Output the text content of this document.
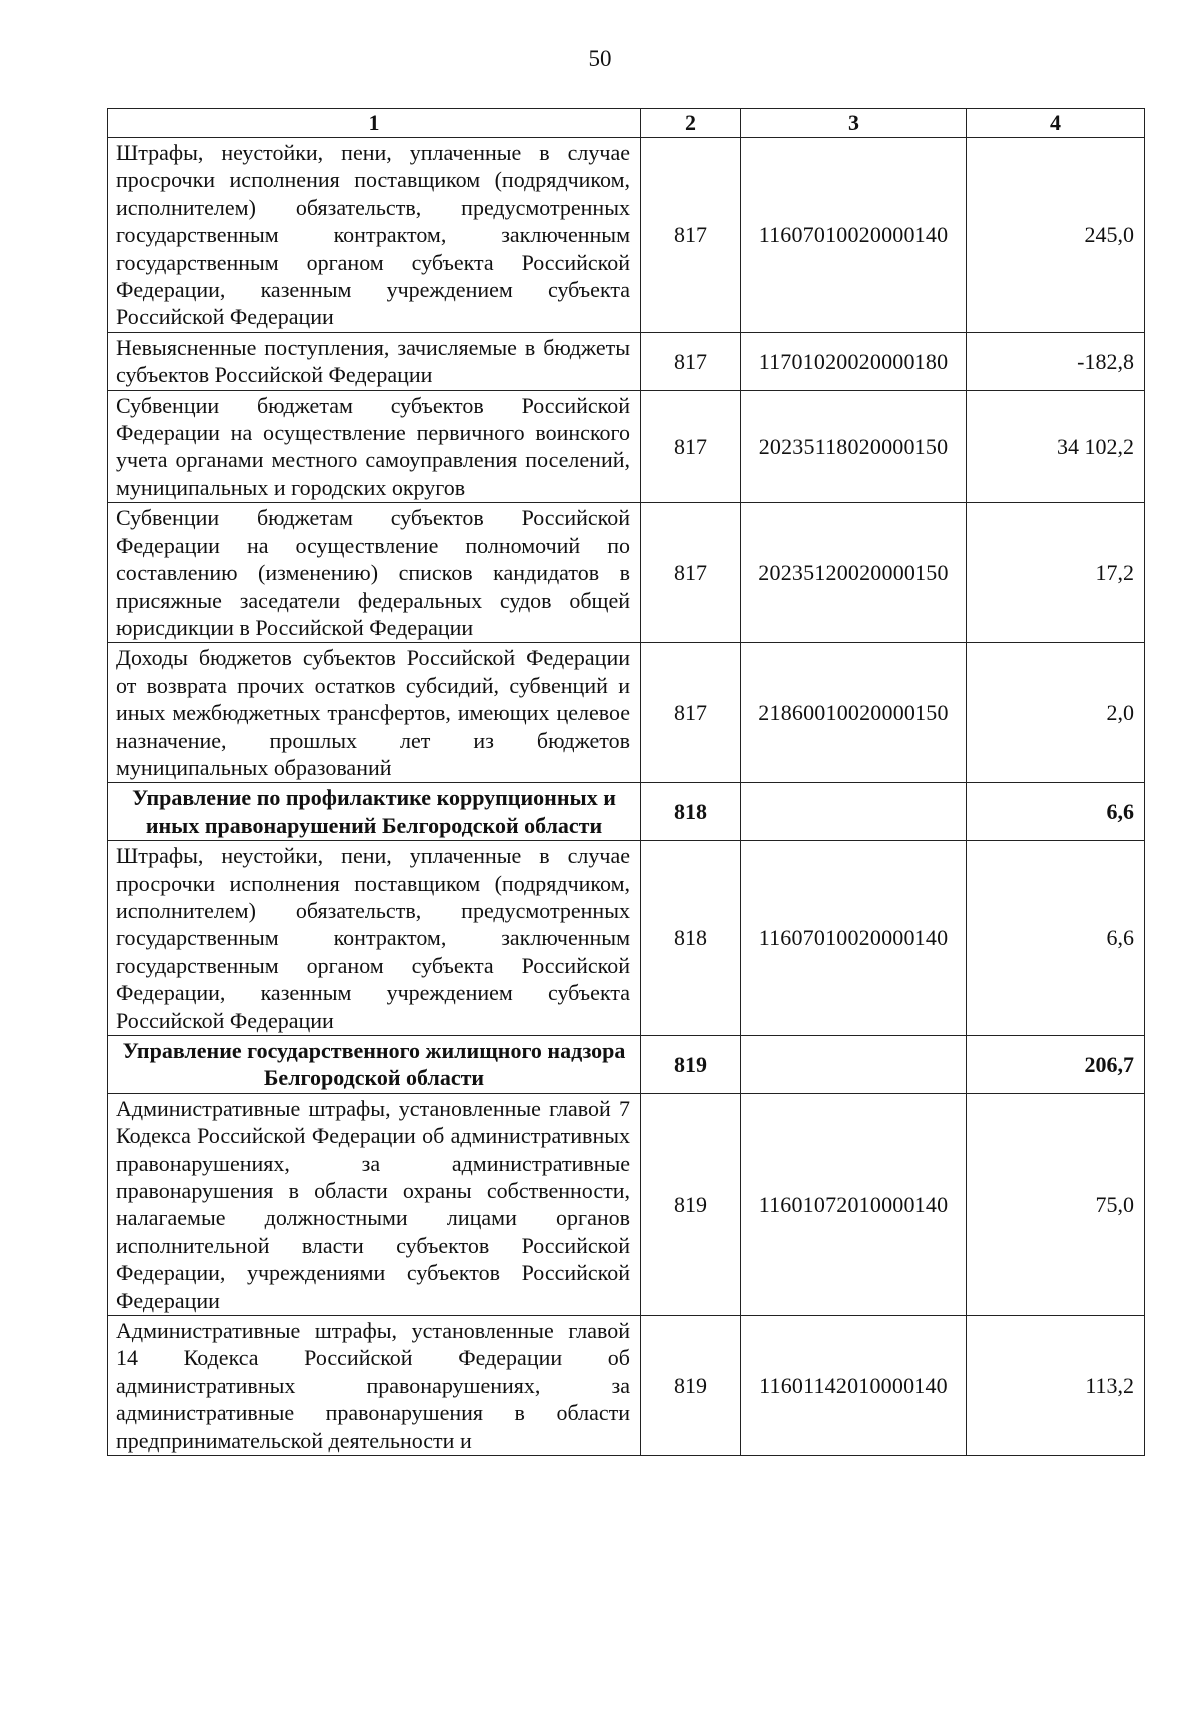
50
1	2	3	4
Штрафы, неустойки, пени, уплаченные в случае просрочки исполнения поставщиком (подрядчиком, исполнителем) обязательств, предусмотренных государственным контрактом, заключенным государственным органом субъекта Российской Федерации, казенным учреждением субъекта Российской Федерации	817	11607010020000140	245,0
Невыясненные поступления, зачисляемые в бюджеты субъектов Российской Федерации	817	11701020020000180	-182,8
Субвенции бюджетам субъектов Российской Федерации на осуществление первичного воинского учета органами местного самоуправления поселений, муниципальных и городских округов	817	20235118020000150	34 102,2
Субвенции бюджетам субъектов Российской Федерации на осуществление полномочий по составлению (изменению) списков кандидатов в присяжные заседатели федеральных судов общей юрисдикции в Российской Федерации	817	20235120020000150	17,2
Доходы бюджетов субъектов Российской Федерации от возврата прочих остатков субсидий, субвенций и иных межбюджетных трансфертов, имеющих целевое назначение, прошлых лет из бюджетов муниципальных образований	817	21860010020000150	2,0
Управление по профилактике коррупционных и иных правонарушений Белгородской области	818		6,6
Штрафы, неустойки, пени, уплаченные в случае просрочки исполнения поставщиком (подрядчиком, исполнителем) обязательств, предусмотренных государственным контрактом, заключенным государственным органом субъекта Российской Федерации, казенным учреждением субъекта Российской Федерации	818	11607010020000140	6,6
Управление государственного жилищного надзора Белгородской области	819		206,7
Административные штрафы, установленные главой 7 Кодекса Российской Федерации об административных правонарушениях, за административные правонарушения в области охраны собственности, налагаемые должностными лицами органов исполнительной власти субъектов Российской Федерации, учреждениями субъектов Российской Федерации	819	11601072010000140	75,0
Административные штрафы, установленные главой 14 Кодекса Российской Федерации об административных правонарушениях, за административные правонарушения в области предпринимательской деятельности и	819	11601142010000140	113,2
